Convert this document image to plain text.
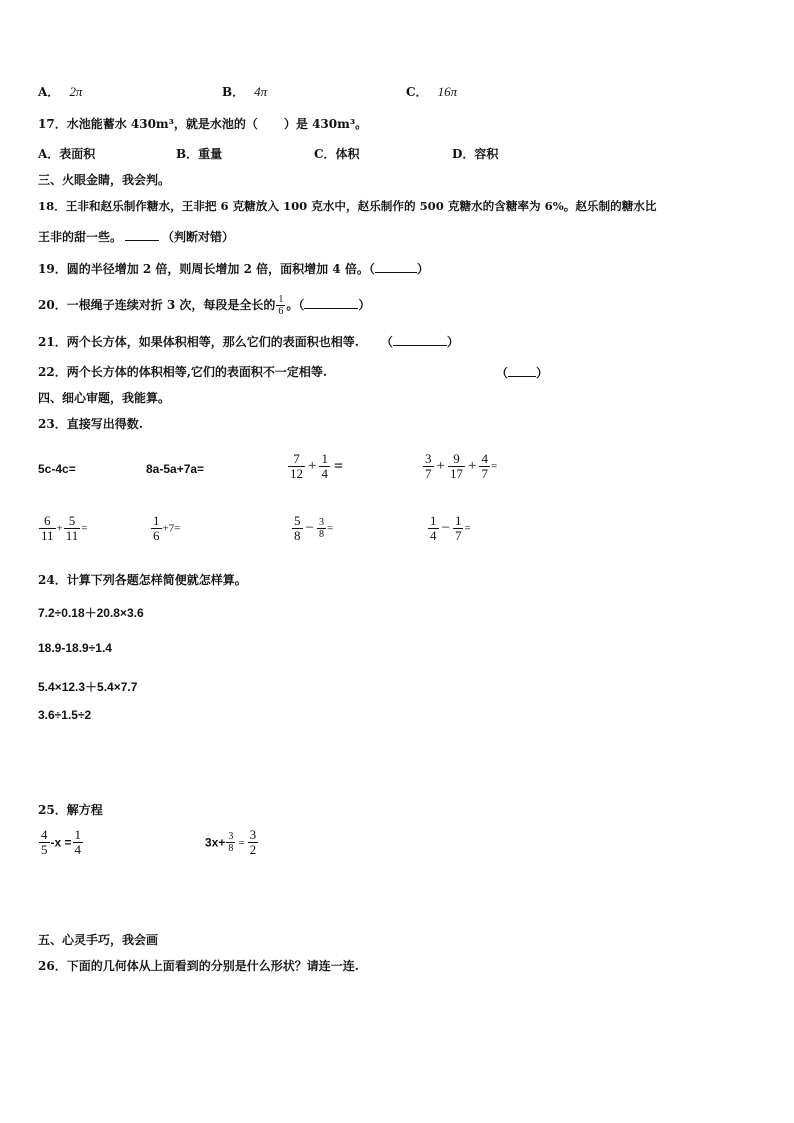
A． 2π	B． 4π	C． 16π
17．水池能蓄水 430m³，就是水池的（ ）是 430m³。
A．表面积	B．重量	C．体积	D．容积
三、火眼金睛，我会判。
18．王非和赵乐制作糖水，王非把 6 克糖放入 100 克水中，赵乐制作的 500 克糖水的含糖率为 6%。赵乐制的糖水比
王非的甜一些。	（判断对错）
19．圆的半径增加 2 倍，则周长增加 2 倍，面积增加 4 倍。（	）
20．一根绳子连续对折 3 次，每段是全长的 $\frac{1}{6}$ 。（	）
21．两个长方体，如果体积相等，那么它们的表面积也相等. （	）
22．两个长方体的体积相等,它们的表面积不一定相等.	（ ）
四、细心审题，我能算。
23．直接写出得数.
5c-4c=	8a-5a+7a=	$\frac{7}{12} + \frac{1}{4}$ =	$\frac{3}{7} + \frac{9}{17} + \frac{4}{7}$ =
$\frac{6}{11} + \frac{5}{11}$ =	$\frac{1}{6} +7=$	$\frac{5}{8} - \frac{3}{8}$ =	$\frac{1}{4} - \frac{1}{7}$ =
24．计算下列各题怎样简便就怎样算。
7.2÷0.18＋20.8×3.6
18.9-18.9÷1.4
5.4×12.3＋5.4×7.7
3.6÷1.5÷2
25．解方程
$\frac{4}{5} -x = \frac{1}{4}$	$3x+ \frac{3}{8} = \frac{3}{2}$
五、心灵手巧，我会画
26．下面的几何体从上面看到的分别是什么形状？请连一连.
